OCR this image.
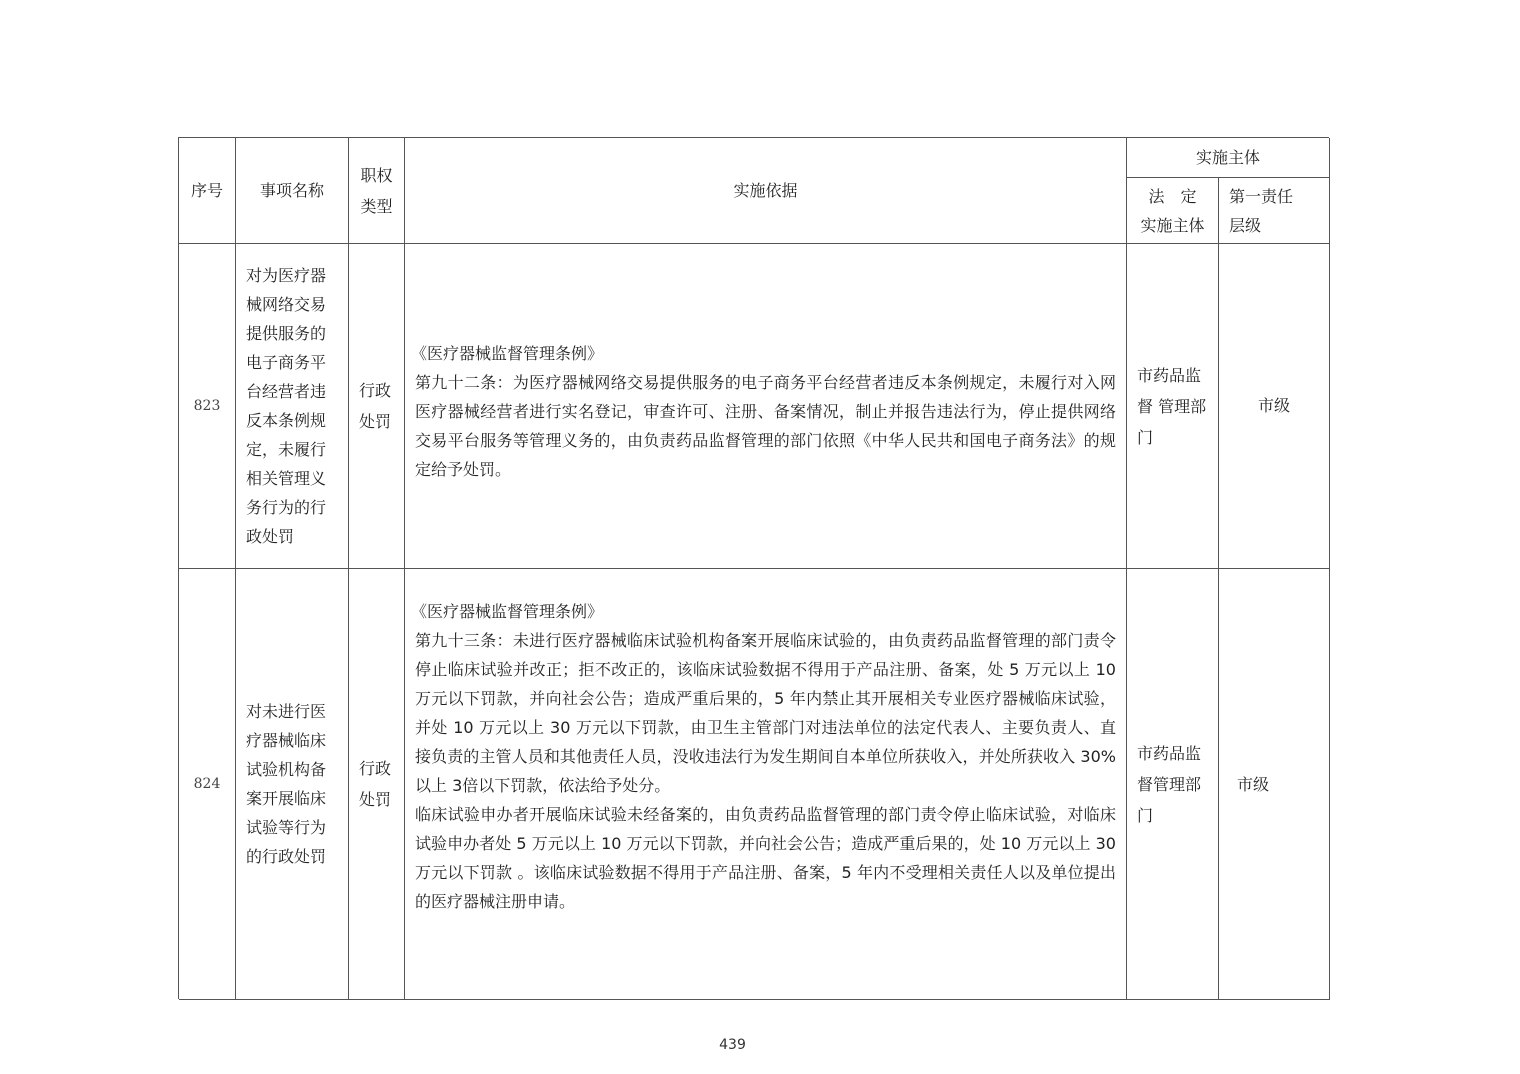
序号 事项名称
职权
类型
实施依据
实施主体
法　定
实施主体
第一责任
层级
823
对为医疗器械网络交易提供服务的电子商务平台经营者违反本条例规定，未履行相关管理义务行为的行政处罚
行政
处罚
《医疗器械监督管理条例》

第九十二条：为医疗器械网络交易提供服务的电子商务平台经营者违反本条例规定，未履行对入网医疗器械经营者进行实名登记，审查许可、注册、备案情况，制止并报告违法行为，停止提供网络交易平台服务等管理义务的，由负责药品监督管理的部门依照《中华人民共和国电子商务法》的规定给予处罚。

市药品监督 管理部门
市级
824
对未进行医疗器械临床试验机构备案开展临床试验等行为的行政处罚
行政
处罚
《医疗器械监督管理条例》

第九十三条：未进行医疗器械临床试验机构备案开展临床试验的，由负责药品监督管理的部门责令停止临床试验并改正；拒不改正的，该临床试验数据不得用于产品注册、备案，处 5 万元以上 10 万元以下罚款，并向社会公告；造成严重后果的，5 年内禁止其开展相关专业医疗器械临床试验，并处 10 万元以上 30 万元以下罚款，由卫生主管部门对违法单位的法定代表人、主要负责人、直接负责的主管人员和其他责任人员，没收违法行为发生期间自本单位所获收入，并处所获收入 30% 以上 3倍以下罚款，依法给予处分。

临床试验申办者开展临床试验未经备案的，由负责药品监督管理的部门责令停止临床试验，对临床试验申办者处 5 万元以上 10 万元以下罚款，并向社会公告；造成严重后果的，处 10 万元以上 30 万元以下罚款 。该临床试验数据不得用于产品注册、备案，5 年内不受理相关责任人以及单位提出的医疗器械注册申请。

市药品监督管理部门
市级
439
